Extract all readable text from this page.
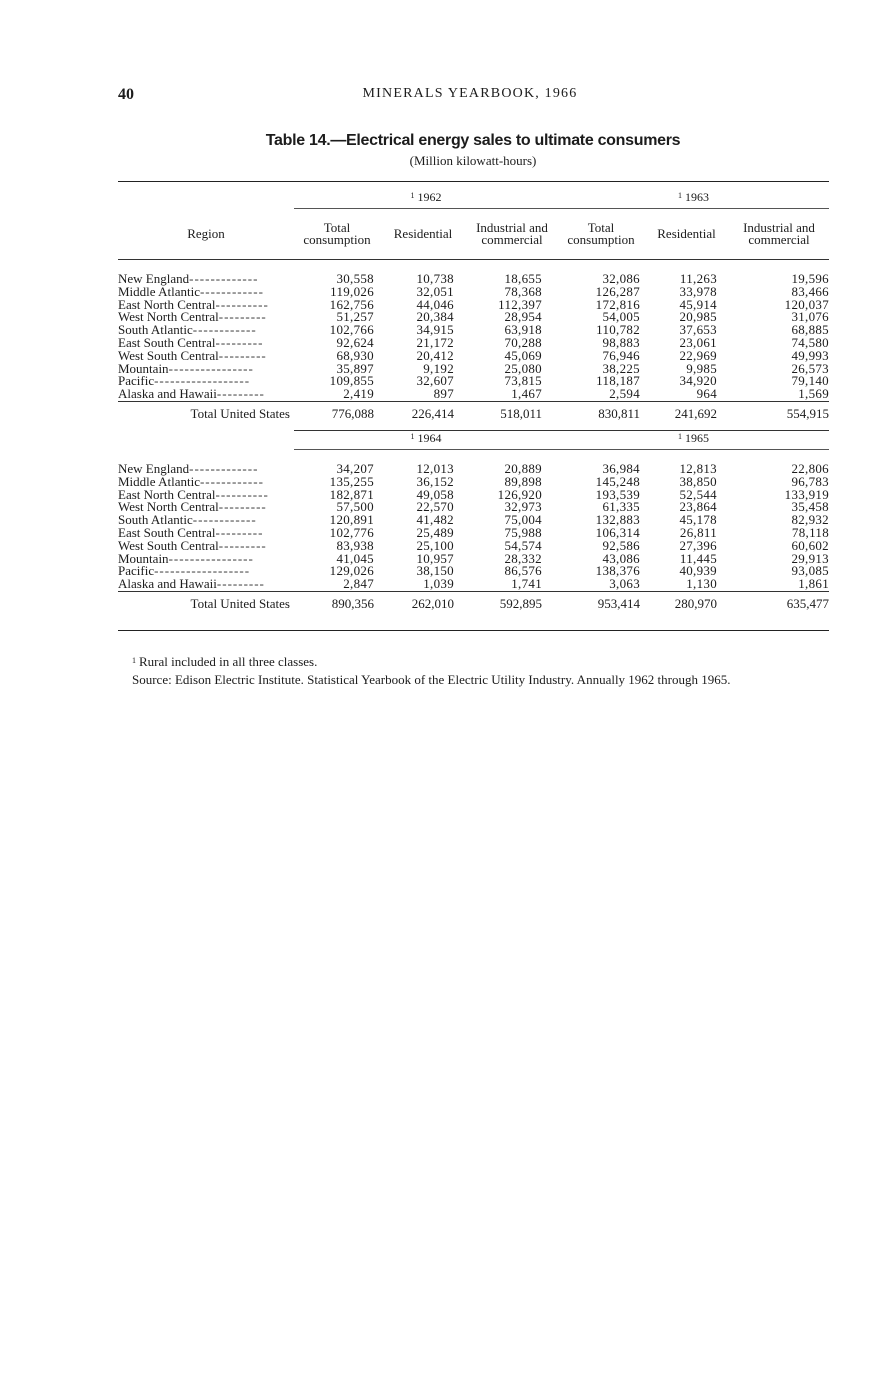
40	MINERALS YEARBOOK, 1966
Table 14.—Electrical energy sales to ultimate consumers
(Million kilowatt-hours)

	$^1$ 1962			$^1$ 1963		
Region	Total consumption	Residential	Industrial and commercial	Total consumption	Residential	Industrial and commercial

New England-------------	30,558	10,738	18,655	32,086	11,263	19,596
Middle Atlantic------------	119,026	32,051	78,368	126,287	33,978	83,466
East North Central----------	162,756	44,046	112,397	172,816	45,914	120,037
West North Central---------	51,257	20,384	28,954	54,005	20,985	31,076
South Atlantic------------	102,766	34,915	63,918	110,782	37,653	68,885
East South Central---------	92,624	21,172	70,288	98,883	23,061	74,580
West South Central---------	68,930	20,412	45,069	76,946	22,969	49,993
Mountain----------------	35,897	9,192	25,080	38,225	9,985	26,573
Pacific------------------	109,855	32,607	73,815	118,187	34,920	79,140
Alaska and Hawaii---------	2,419	897	1,467	2,594	964	1,569
Total United States	776,088	226,414	518,011	830,811	241,692	554,915
	$^1$ 1964			$^1$ 1965		

New England-------------	34,207	12,013	20,889	36,984	12,813	22,806
Middle Atlantic------------	135,255	36,152	89,898	145,248	38,850	96,783
East North Central----------	182,871	49,058	126,920	193,539	52,544	133,919
West North Central---------	57,500	22,570	32,973	61,335	23,864	35,458
South Atlantic------------	120,891	41,482	75,004	132,883	45,178	82,932
East South Central---------	102,776	25,489	75,988	106,314	26,811	78,118
West South Central---------	83,938	25,100	54,574	92,586	27,396	60,602
Mountain----------------	41,045	10,957	28,332	43,086	11,445	29,913
Pacific------------------	129,026	38,150	86,576	138,376	40,939	93,085
Alaska and Hawaii---------	2,847	1,039	1,741	3,063	1,130	1,861
Total United States	890,356	262,010	592,895	953,414	280,970	635,477

$^1$ Rural included in all three classes.
Source: Edison Electric Institute. Statistical Yearbook of the Electric Utility Industry. Annually 1962 through 1965.
